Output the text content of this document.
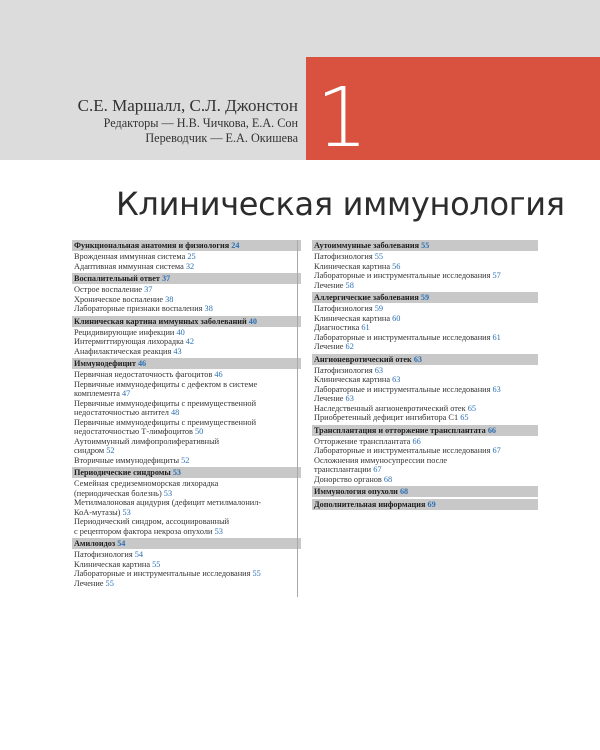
1
С.Е. Маршалл, С.Л. Джонстон
Редакторы — Н.В. Чичкова, Е.А. Сон
Переводчик — Е.А. Окишева
Клиническая иммунология
Функциональная анатомия и физиология 24
Врожденная иммунная система 25
Адаптивная иммунная система 32
Воспалительный ответ 37
Острое воспаление 37
Хроническое воспаление 38
Лабораторные признаки воспаления 38
Клиническая картина иммунных заболеваний 40
Рецидивирующие инфекции 40
Интермиттирующая лихорадка 42
Анафилактическая реакция 43
Иммунодефицит 46
Первичная недостаточность фагоцитов 46
Первичные иммунодефициты с дефектом в системе
комплемента 47
Первичные иммунодефициты с преимущественной
недостаточностью антител 48
Первичные иммунодефициты с преимущественной
недостаточностью Т-лимфоцитов 50
Аутоиммунный лимфопролиферативный
синдром 52
Вторичные иммунодефициты 52
Периодические синдромы 53
Семейная средиземноморская лихорадка
(периодическая болезнь) 53
Метилмалоновая ацидурия (дефицит метилмалонил-
КоА-мутазы) 53
Периодический синдром, ассоциированный
с рецептором фактора некроза опухоли 53
Амилоидоз 54
Патофизиология 54
Клиническая картина 55
Лабораторные и инструментальные исследования 55
Лечение 55
Аутоиммунные заболевания 55
Патофизиология 55
Клиническая картина 56
Лабораторные и инструментальные исследования 57
Лечение 58
Аллергические заболевания 59
Патофизиология 59
Клиническая картина 60
Диагностика 61
Лабораторные и инструментальные исследования 61
Лечение 62
Ангионевротический отек 63
Патофизиология 63
Клиническая картина 63
Лабораторные и инструментальные исследования 63
Лечение 63
Наследственный ангионевротический отек 65
Приобретенный дефицит ингибитора С1 65
Трансплантация и отторжение трансплантата 66
Отторжение трансплантата 66
Лабораторные и инструментальные исследования 67
Осложнения иммуносупрессии после
трансплантации 67
Донорство органов 68
Иммунология опухоли 68
Дополнительная информация 69
